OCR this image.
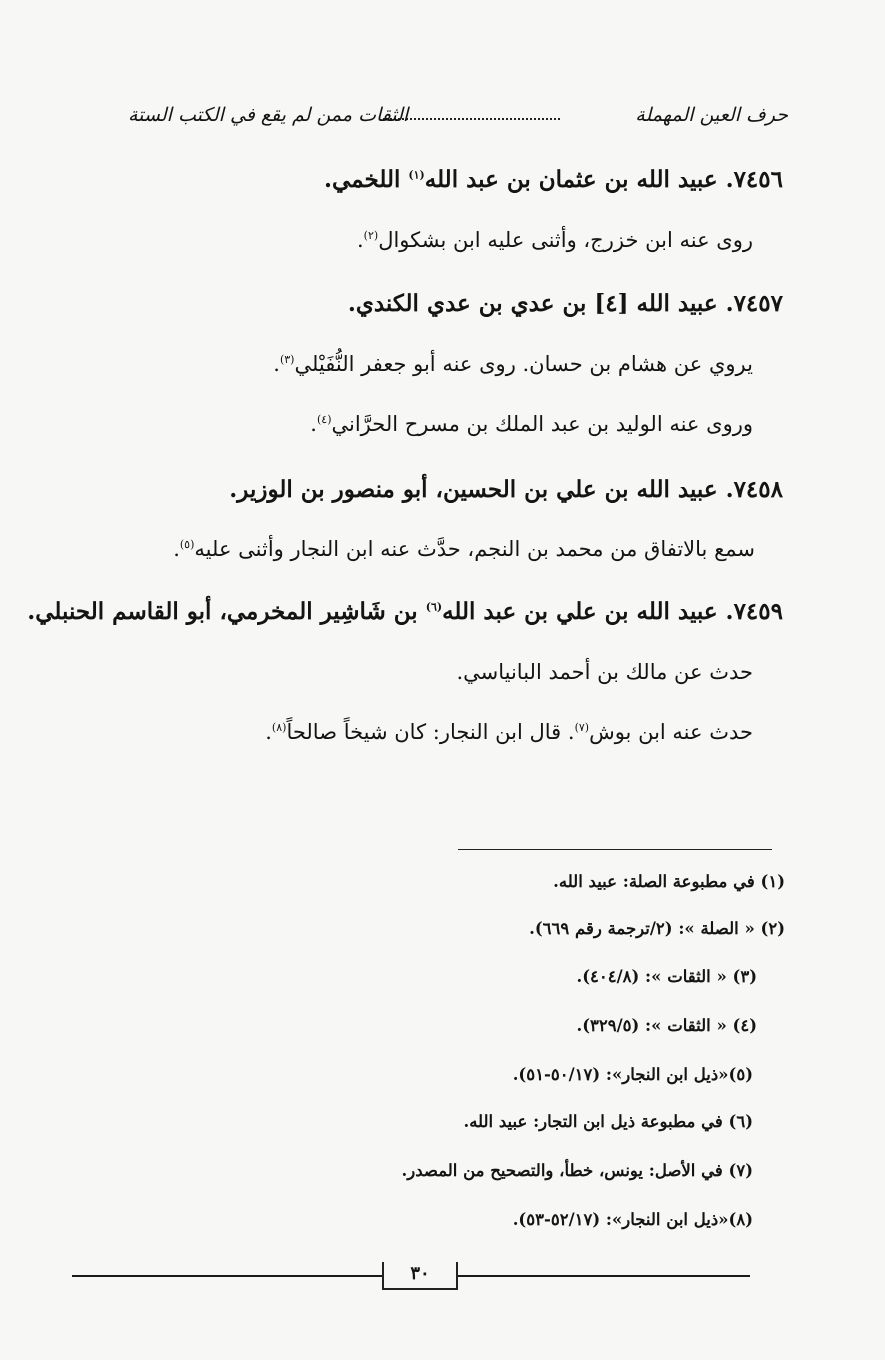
حرف العين المهملة
الثقات ممن لم يقع في الكتب الستة
٧٤٥٦. عبيد الله بن عثمان بن عبد الله$^{(١)}$ اللخمي.
روى عنه ابن خزرج، وأثنى عليه ابن بشكوال$^{(٢)}$.
٧٤٥٧. عبيد الله [٤] بن عدي بن عدي الكندي.
يروي عن هشام بن حسان. روى عنه أبو جعفر النُّفَيْلي$^{(٣)}$.
وروى عنه الوليد بن عبد الملك بن مسرح الحرَّاني$^{(٤)}$.
٧٤٥٨. عبيد الله بن علي بن الحسين، أبو منصور بن الوزير.
سمع بالاتفاق من محمد بن النجم، حدَّث عنه ابن النجار وأثنى عليه$^{(٥)}$.
٧٤٥٩. عبيد الله بن علي بن عبد الله$^{(٦)}$ بن شَاشِير المخرمي، أبو القاسم الحنبلي.
حدث عن مالك بن أحمد البانياسي.
حدث عنه ابن بوش$^{(٧)}$. قال ابن النجار: كان شيخاً صالحاً$^{(٨)}$.
(١) في مطبوعة الصلة: عبيد الله.
(٢) « الصلة »: (٢/ترجمة رقم ٦٦٩).
(٣) « الثقات »: (٤٠٤/٨).
(٤) « الثقات »: (٣٢٩/٥).
(٥)«ذيل ابن النجار»: (٥٠/١٧-٥١).
(٦) في مطبوعة ذيل ابن التجار: عبيد الله.
(٧) في الأصل: يونس، خطأ، والتصحيح من المصدر.
(٨)«ذيل ابن النجار»: (٥٢/١٧-٥٣).
٣٠
